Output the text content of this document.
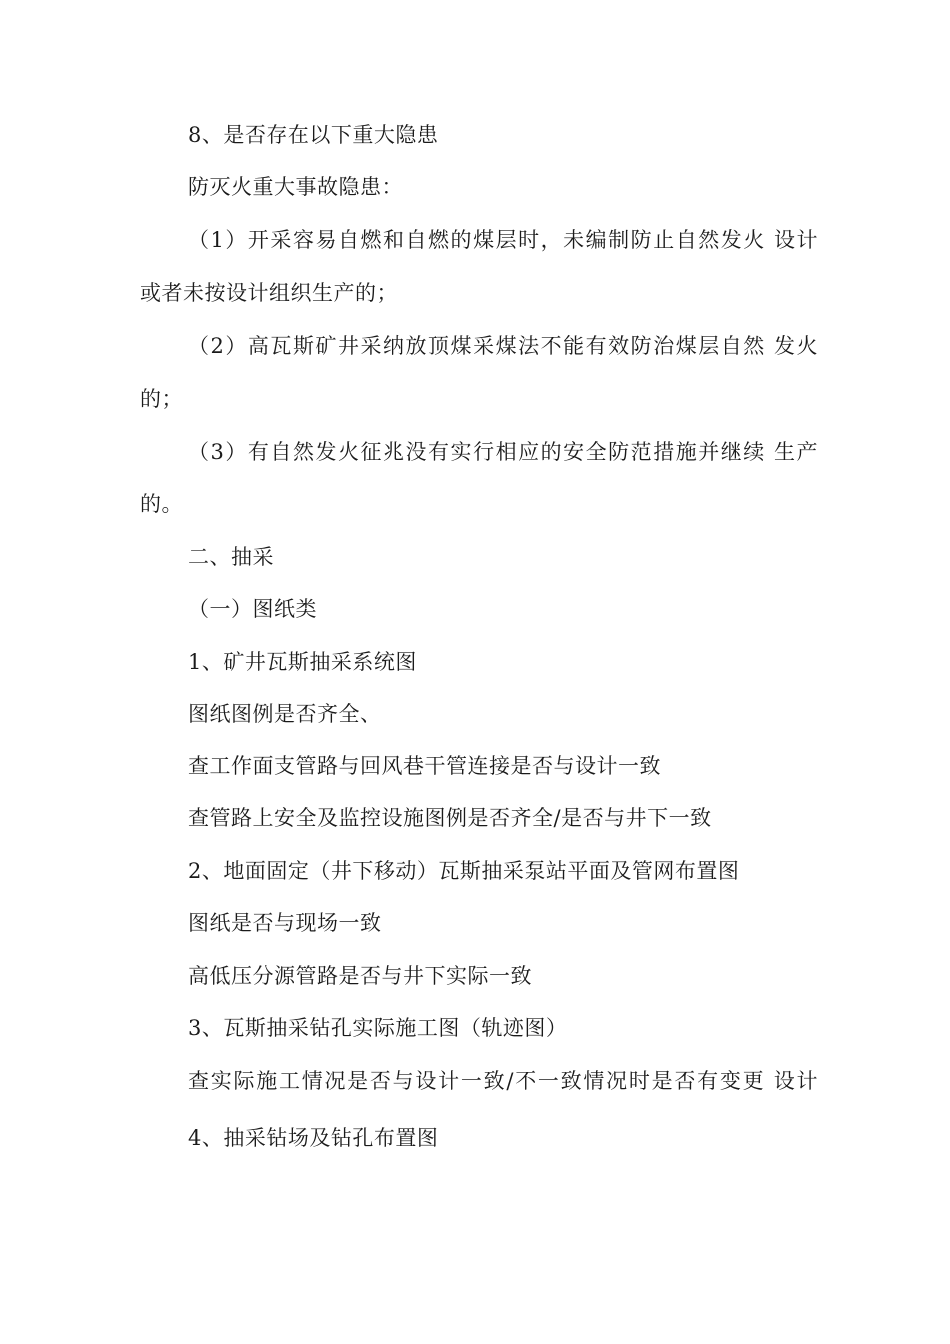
8、是否存在以下重大隐患
防灭火重大事故隐患：
（1）开采容易自燃和自燃的煤层时，未编制防止自然发火 设计
或者未按设计组织生产的；
（2）高瓦斯矿井采纳放顶煤采煤法不能有效防治煤层自然 发火
的；
（3）有自然发火征兆没有实行相应的安全防范措施并继续 生产
的。
二、抽采
（一）图纸类
1、矿井瓦斯抽采系统图
图纸图例是否齐全、
查工作面支管路与回风巷干管连接是否与设计一致
查管路上安全及监控设施图例是否齐全/是否与井下一致
2、地面固定（井下移动）瓦斯抽采泵站平面及管网布置图
图纸是否与现场一致
高低压分源管路是否与井下实际一致
3、瓦斯抽采钻孔实际施工图（轨迹图）
查实际施工情况是否与设计一致/不一致情况时是否有变更 设计
4、抽采钻场及钻孔布置图
